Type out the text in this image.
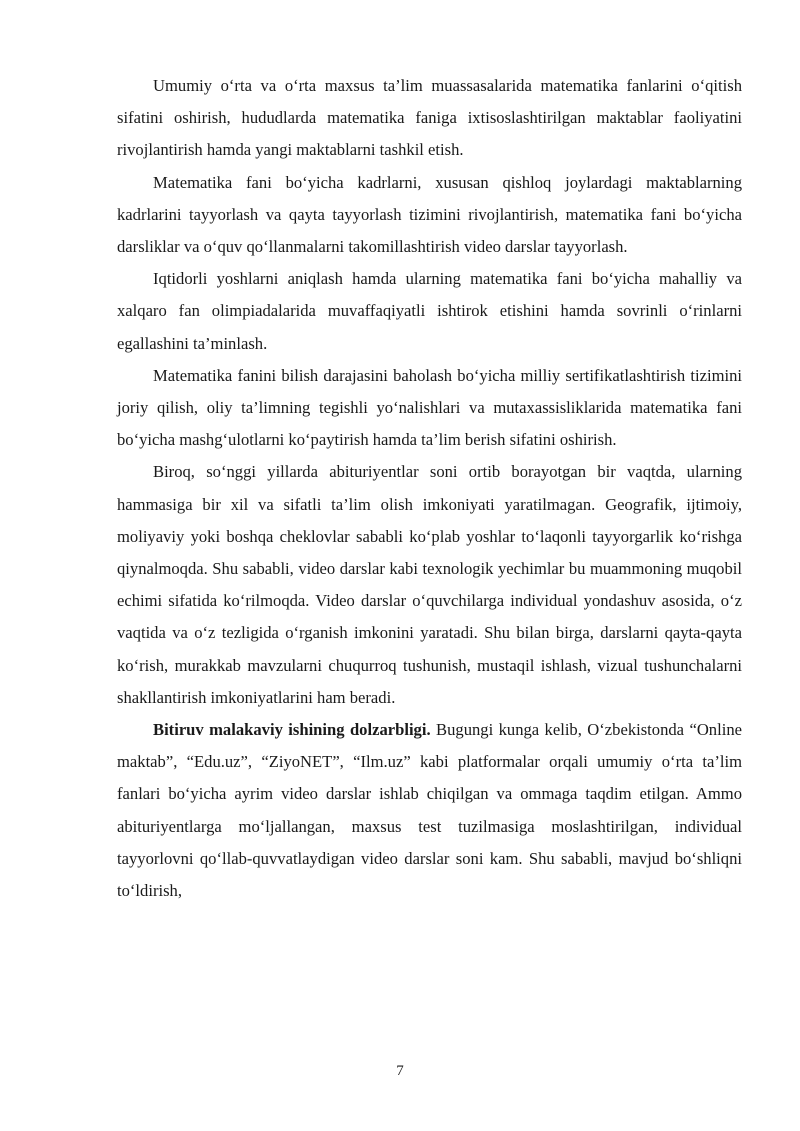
Umumiy o‘rta va o‘rta maxsus ta’lim muassasalarida matematika fanlarini o‘qitish sifatini oshirish, hududlarda matematika faniga ixtisoslashtirilgan maktablar faoliyatini rivojlantirish hamda yangi maktablarni tashkil etish.

Matematika fani bo‘yicha kadrlarni, xususan qishloq joylardagi maktablarning kadrlarini tayyorlash va qayta tayyorlash tizimini rivojlantirish, matematika fani bo‘yicha darsliklar va o‘quv qo‘llanmalarni takomillashtirish video darslar tayyorlash.

Iqtidorli yoshlarni aniqlash hamda ularning matematika fani bo‘yicha mahalliy va xalqaro fan olimpiadalarida muvaffaqiyatli ishtirok etishini hamda sovrinli o‘rinlarni egallashini ta’minlash.

Matematika fanini bilish darajasini baholash bo‘yicha milliy sertifikatlashtirish tizimini joriy qilish, oliy ta’limning tegishli yo‘nalishlari va mutaxassisliklarida matematika fani bo‘yicha mashg‘ulotlarni ko‘paytirish hamda ta’lim berish sifatini oshirish.

Biroq, so‘nggi yillarda abituriyentlar soni ortib borayotgan bir vaqtda, ularning hammasiga bir xil va sifatli ta’lim olish imkoniyati yaratilmagan. Geografik, ijtimoiy, moliyaviy yoki boshqa cheklovlar sababli ko‘plab yoshlar to‘laqonli tayyorgarlik ko‘rishga qiynalmoqda. Shu sababli, video darslar kabi texnologik yechimlar bu muammoning muqobil echimi sifatida ko‘rilmoqda. Video darslar o‘quvchilarga individual yondashuv asosida, o‘z vaqtida va o‘z tezligida o‘rganish imkonini yaratadi. Shu bilan birga, darslarni qayta-qayta ko‘rish, murakkab mavzularni chuqurroq tushunish, mustaqil ishlash, vizual tushunchalarni shakllantirish imkoniyatlarini ham beradi.

Bitiruv malakaviy ishining dolzarbligi. Bugungi kunga kelib, O‘zbekistonda “Online maktab”, “Edu.uz”, “ZiyoNET”, “Ilm.uz” kabi platformalar orqali umumiy o‘rta ta’lim fanlari bo‘yicha ayrim video darslar ishlab chiqilgan va ommaga taqdim etilgan. Ammo abituriyentlarga mo‘ljallangan, maxsus test tuzilmasiga moslashtirilgan, individual tayyorlovni qo‘llab-quvvatlaydigan video darslar soni kam. Shu sababli, mavjud bo‘shliqni to‘ldirish,

7
